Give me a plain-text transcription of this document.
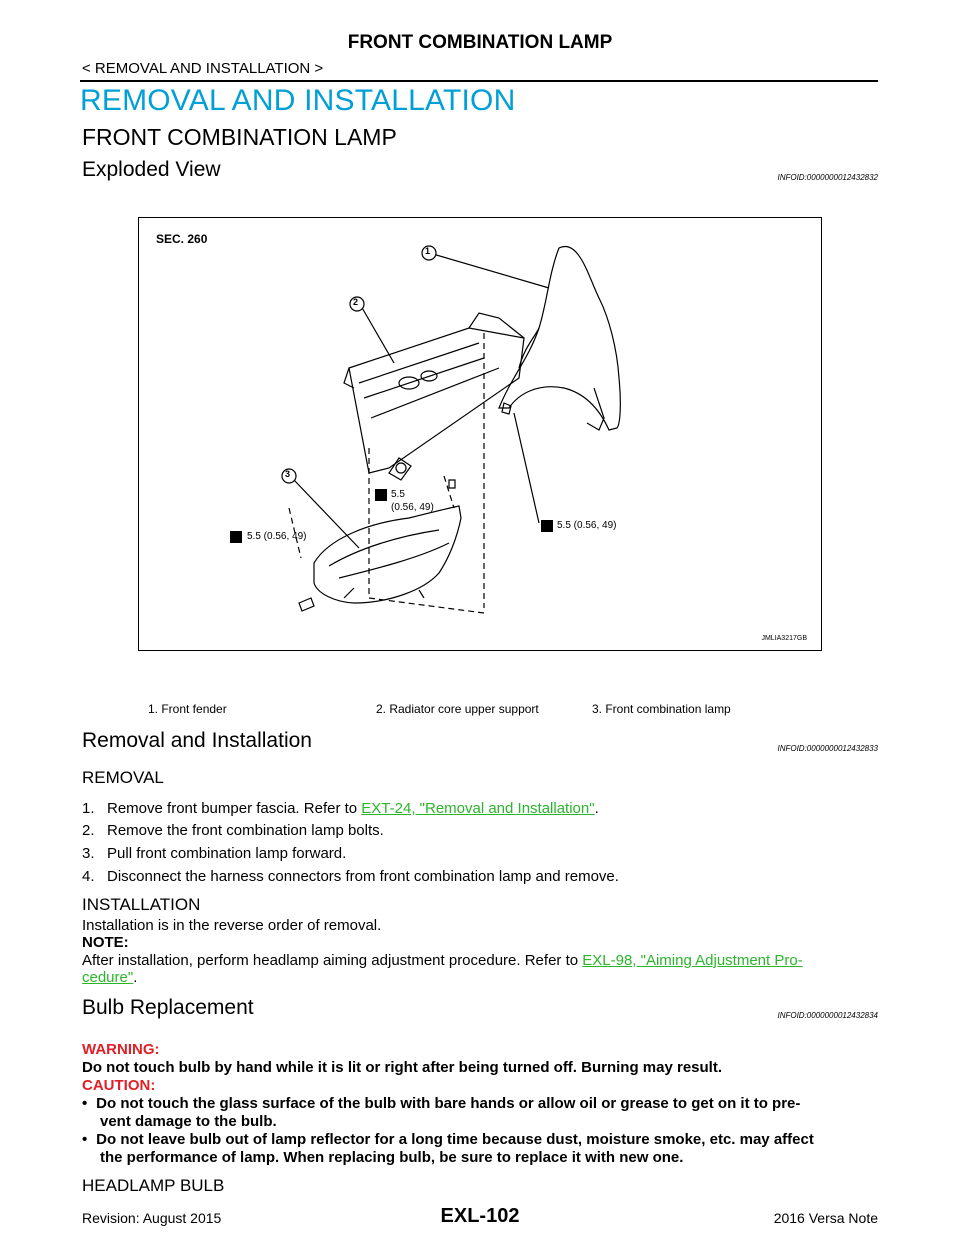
FRONT COMBINATION LAMP
< REMOVAL AND INSTALLATION >
REMOVAL AND INSTALLATION
FRONT COMBINATION LAMP
Exploded View	INFOID:0000000012432832
SEC. 260
1
2
3
5.5 (0.56, 49)
5.5
(0.56, 49)
5.5 (0.56, 49)
JMLIA3217GB
1. Front fender	2. Radiator core upper support	3. Front combination lamp
Removal and Installation	INFOID:0000000012432833
REMOVAL
1.   Remove front bumper fascia. Refer to EXT-24, "Removal and Installation".
2.   Remove the front combination lamp bolts.
3.   Pull front combination lamp forward.
4.   Disconnect the harness connectors from front combination lamp and remove.
INSTALLATION
Installation is in the reverse order of removal.
NOTE:
After installation, perform headlamp aiming adjustment procedure. Refer to EXL-98, "Aiming Adjustment Pro-
cedure".
Bulb Replacement	INFOID:0000000012432834
WARNING:
Do not touch bulb by hand while it is lit or right after being turned off. Burning may result.
CAUTION:
• Do not touch the glass surface of the bulb with bare hands or allow oil or grease to get on it to pre-
vent damage to the bulb.
• Do not leave bulb out of lamp reflector for a long time because dust, moisture smoke, etc. may affect
the performance of lamp. When replacing bulb, be sure to replace it with new one.
HEADLAMP BULB
Revision: August 2015	EXL-102	2016 Versa Note
